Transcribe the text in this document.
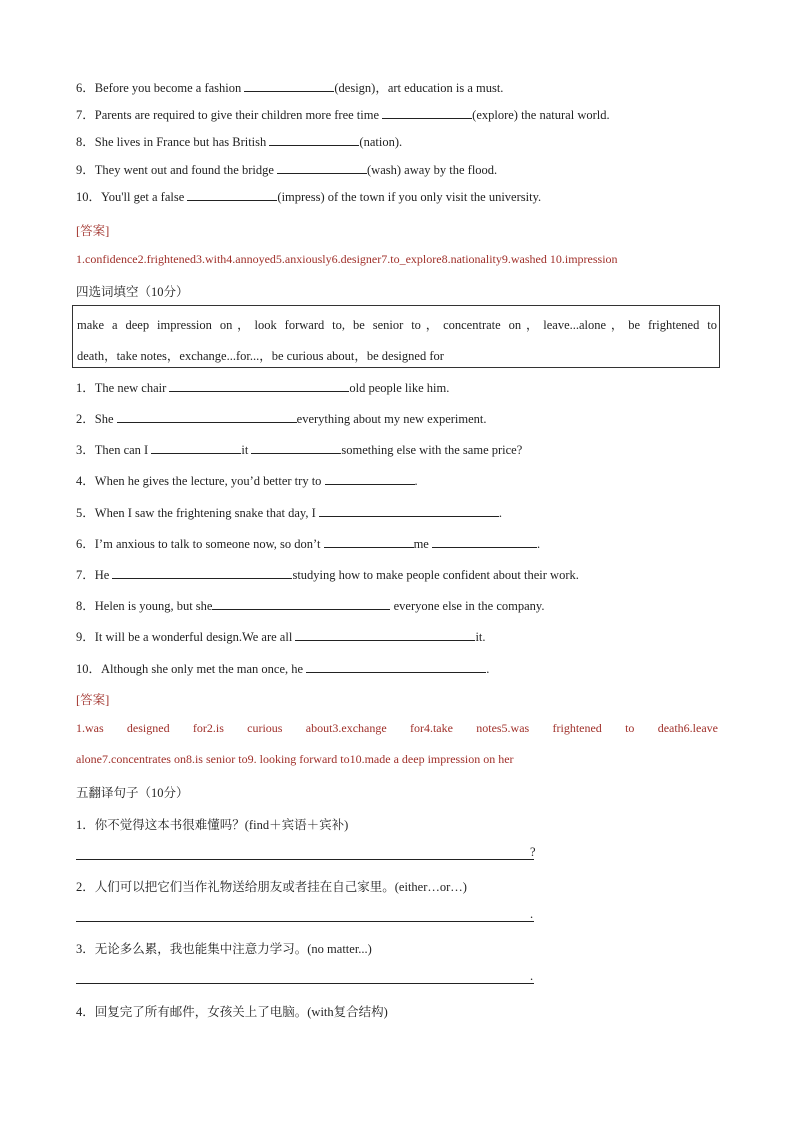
6．Before you become a fashion	(design)，art education is a must.
7．Parents are required to give their children more free time	(explore) the natural world.
8．She lives in France but has British	(nation).
9．They went out and found the bridge	(wash) away by the flood.
10．You'll get a false	(impress) of the town if you only visit the university.
[答案]
1.confidence2.frightened3.with4.annoyed5.anxiously6.designer7.to_explore8.nationality9.washed 10.impression
四选词填空（10分）
make a deep impression on，look forward to, be senior to，concentrate on，leave...alone，be frightened to
death，take notes，exchange...for...，be curious about，be designed for
1．The new chair	old people like him.
2．She	everything about my new experiment.
3．Then can I	it	something else with the same price?
4．When he gives the lecture, you’d better try to	.
5．When I saw the frightening snake that day, I	.
6．I’m anxious to talk to someone now, so don’t	me	.
7．He	studying how to make people confident about their work.
8．Helen is young, but she	everyone else in the company.
9．It will be a wonderful design.We are all	it.
10．Although she only met the man once, he	.
[答案]
1.was designed for2.is curious about3.exchange for4.take notes5.was frightened to death6.leave
alone7.concentrates on8.is senior to9. looking forward to10.made a deep impression on her
五翻译句子（10分）
1．你不觉得这本书很难懂吗？(find＋宾语＋宾补)
?
2．人们可以把它们当作礼物送给朋友或者挂在自己家里。(either…or…)
.
3．无论多么累，我也能集中注意力学习。(no matter...)
.
4．回复完了所有邮件，女孩关上了电脑。(with复合结构)
